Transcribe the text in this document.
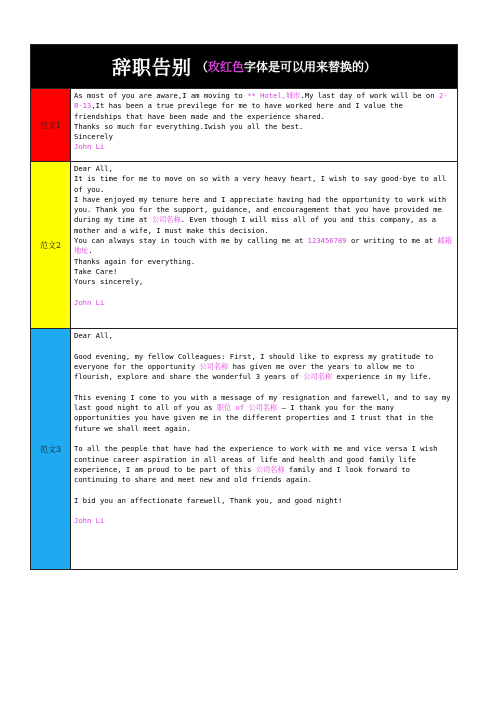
辞职告别 （玫红色字体是可以用来替换的）
范文1

As most of you are aware,I am moving to ** Hotel,城市.My last day of work will be on 2-8-13,It has been a true previlege for me to have worked here and I value the friendships that have been made and the experience shared.

Thanks so much for everything.Iwish you all the best.

Sincerely

John Li

范文2

Dear All,

It is time for me to move on so with a very heavy heart, I wish to say good-bye to all of you.

I have enjoyed my tenure here and I appreciate having had the opportunity to work with you. Thank you for the support, guidance, and encouragement that you have provided me during my time at 公司名称. Even though I will miss all of you and this company, as a mother and a wife, I must make this decision.

You can always stay in touch with me by calling me at 123456789 or writing to me at 邮箱地址.

Thanks again for everything.

Take Care!

Yours sincerely,

John Li

范文3

Dear All,

Good evening, my fellow Colleagues: First, I should like to express my gratitude to everyone for the opportunity 公司名称 has given me over the years to allow me to flourish, explore and share the wonderful 3 years of 公司名称 experience in my life.

This evening I come to you with a message of my resignation and farewell, and to say my last good night to all of you as 职位 of 公司名称 – I thank you for the many opportunities you have given me in the different properties and I trust that in the future we shall meet again.

To all the people that have had the experience to work with me and vice versa I wish continue career aspiration in all areas of life and health and good family life experience, I am proud to be part of this 公司名称 family and I look forward to continuing to share and meet new and old friends again.

I bid you an affectionate farewell, Thank you, and good night!

John Li
